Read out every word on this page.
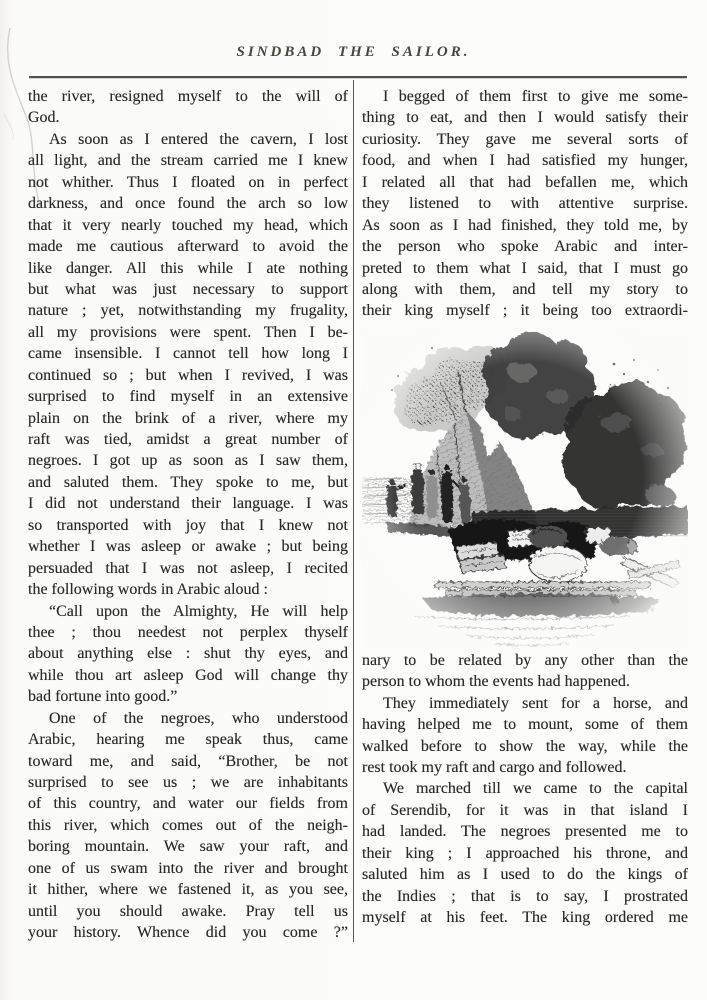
SINDBAD THE SAILOR.
the river, resigned myself to the will of
God.
As soon as I entered the cavern, I lost
all light, and the stream carried me I knew
not whither. Thus I floated on in perfect
darkness, and once found the arch so low
that it very nearly touched my head, which
made me cautious afterward to avoid the
like danger. All this while I ate nothing
but what was just necessary to support
nature ; yet, notwithstanding my frugality,
all my provisions were spent. Then I be-
came insensible. I cannot tell how long I
continued so ; but when I revived, I was
surprised to find myself in an extensive
plain on the brink of a river, where my
raft was tied, amidst a great number of
negroes. I got up as soon as I saw them,
and saluted them. They spoke to me, but
I did not understand their language. I was
so transported with joy that I knew not
whether I was asleep or awake ; but being
persuaded that I was not asleep, I recited
the following words in Arabic aloud :
“Call upon the Almighty, He will help
thee ; thou needest not perplex thyself
about anything else : shut thy eyes, and
while thou art asleep God will change thy
bad fortune into good.”
One of the negroes, who understood
Arabic, hearing me speak thus, came
toward me, and said, “Brother, be not
surprised to see us ; we are inhabitants
of this country, and water our fields from
this river, which comes out of the neigh-
boring mountain. We saw your raft, and
one of us swam into the river and brought
it hither, where we fastened it, as you see,
until you should awake. Pray tell us
your history. Whence did you come ?”
I begged of them first to give me some-
thing to eat, and then I would satisfy their
curiosity. They gave me several sorts of
food, and when I had satisfied my hunger,
I related all that had befallen me, which
they listened to with attentive surprise.
As soon as I had finished, they told me, by
the person who spoke Arabic and inter-
preted to them what I said, that I must go
along with them, and tell my story to
their king myself ; it being too extraordi-
nary to be related by any other than the
person to whom the events had happened.
They immediately sent for a horse, and
having helped me to mount, some of them
walked before to show the way, while the
rest took my raft and cargo and followed.
We marched till we came to the capital
of Serendib, for it was in that island I
had landed. The negroes presented me to
their king ; I approached his throne, and
saluted him as I used to do the kings of
the Indies ; that is to say, I prostrated
myself at his feet. The king ordered me
